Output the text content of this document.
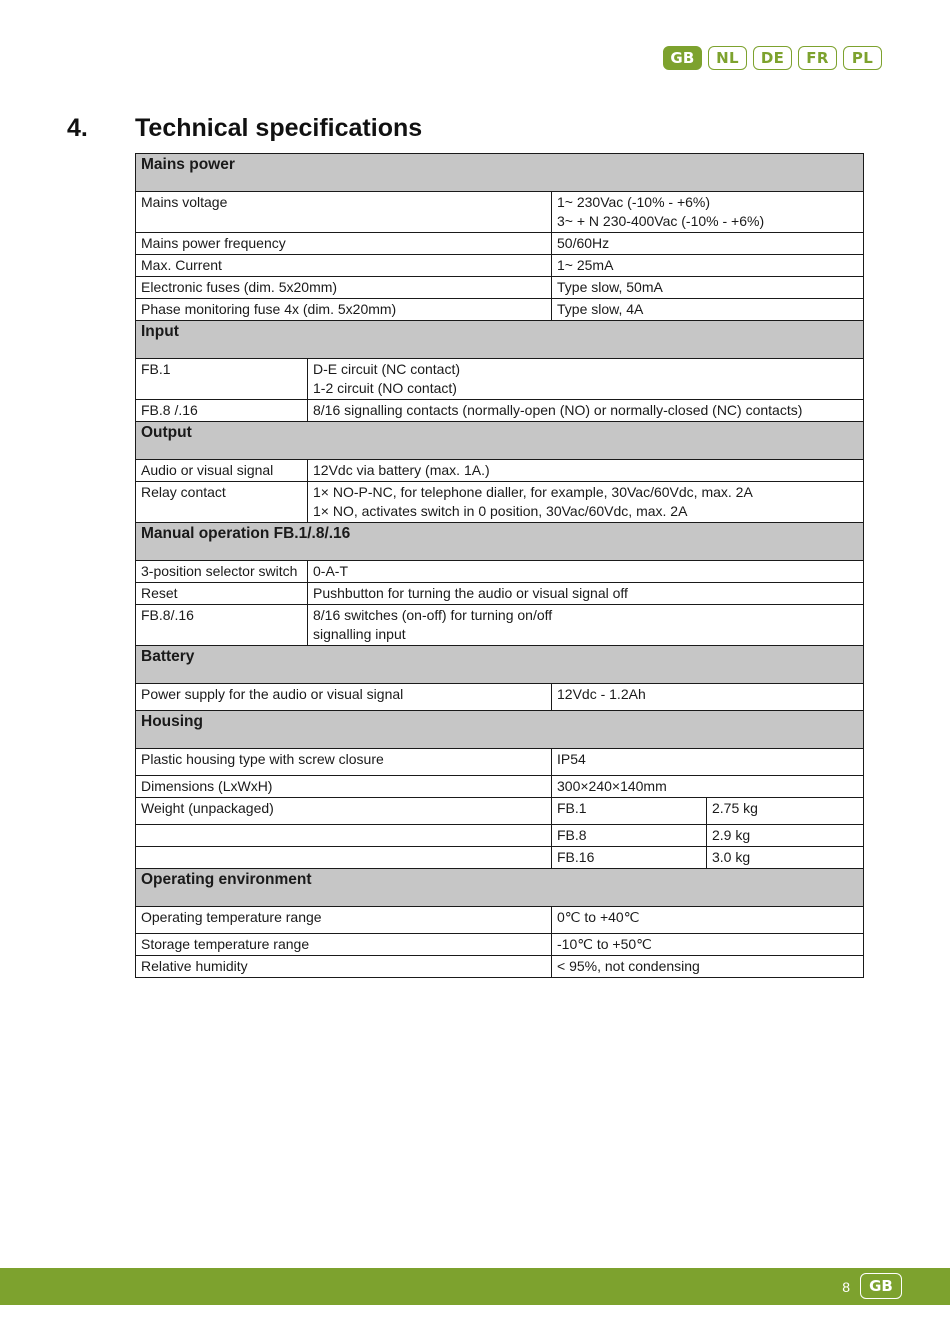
GB	NL	DE	FR	PL
4. Technical specifications
Mains power			
Mains voltage		1~ 230Vac (-10% - +6%)
3~ + N 230-400Vac (-10% - +6%)	

Mains power frequency		50/60Hz	
Max. Current		1~ 25mA	
Electronic fuses (dim. 5x20mm)		Type slow, 50mA	
Phase monitoring fuse 4x (dim. 5x20mm)		Type slow, 4A	
Input			
FB.1	D-E circuit (NC contact)
1-2 circuit (NO contact)		

FB.8 /.16	8/16 signalling contacts (normally-open (NO) or normally-closed (NC) contacts)		
Output			
Audio or visual signal	12Vdc via battery (max. 1A.)		
Relay contact	1× NO-P-NC, for telephone dialler, for example, 30Vac/60Vdc, max. 2A
1× NO, activates switch in 0 position, 30Vac/60Vdc, max. 2A		

Manual operation FB.1/.8/.16			
3-position selector switch	0-A-T		
Reset	Pushbutton for turning the audio or visual signal off		
FB.8/.16	8/16 switches (on-off) for turning on/off
signalling input		

Battery			
Power supply for the audio or visual signal		12Vdc - 1.2Ah	
Housing			
Plastic housing type with screw closure		IP54	
Dimensions (LxWxH)		300×240×140mm	
Weight (unpackaged)		FB.1	2.75 kg
		FB.8	2.9 kg
		FB.16	3.0 kg
Operating environment			
Operating temperature range		0℃ to +40℃	
Storage temperature range		-10℃ to +50℃	
Relative humidity		< 95%, not condensing	
8	GB
